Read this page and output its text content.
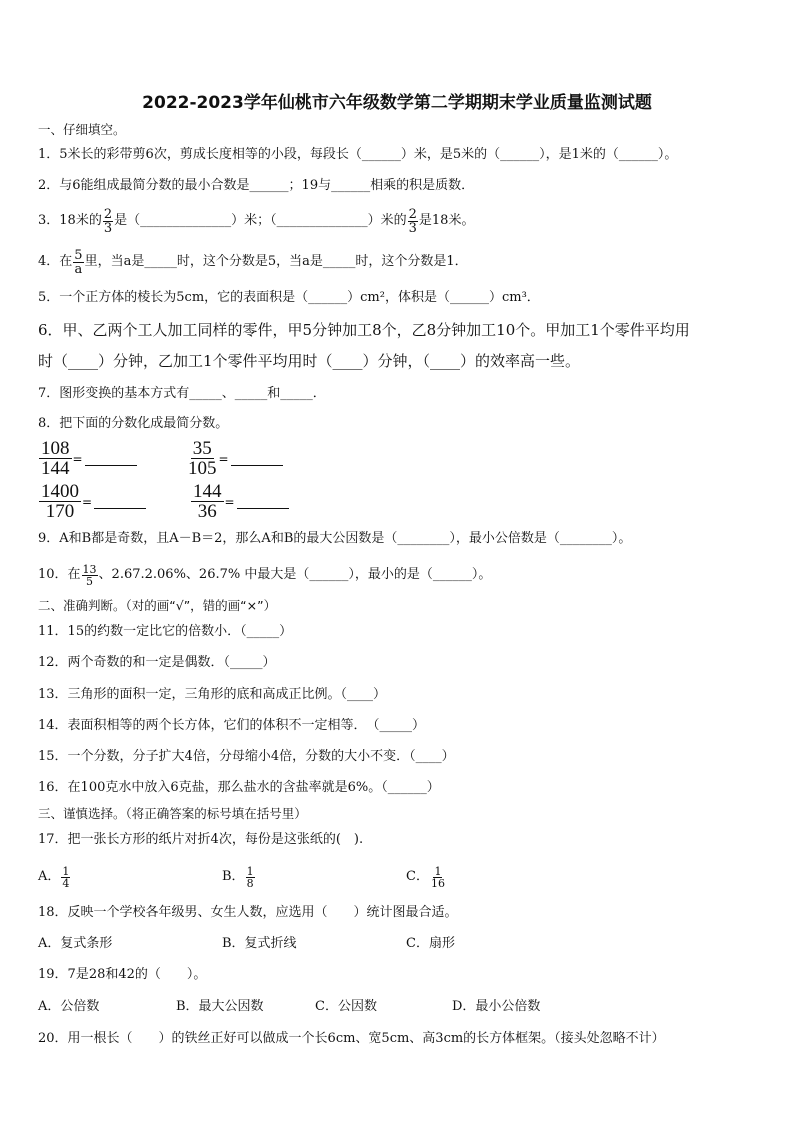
2022-2023学年仙桃市六年级数学第二学期期末学业质量监测试题
一、仔细填空。
1．5米长的彩带剪6次，剪成长度相等的小段，每段长（______）米，是5米的（______），是1米的（______）。
2．与6能组成最简分数的最小合数是______；19与______相乘的积是质数．
3．18米的 $\frac{2}{3}$ 是（______________）米；（______________）米的 $\frac{2}{3}$ 是18米。
4．在 $\frac{5}{a}$ 里，当a是_____时，这个分数是5，当a是_____时，这个分数是1．
5．一个正方体的棱长为5cm，它的表面积是（______）cm²，体积是（______）cm³．
6．甲、乙两个工人加工同样的零件，甲5分钟加工8个，乙8分钟加工10个。甲加工1个零件平均用
时（____）分钟，乙加工1个零件平均用时（____）分钟，（____）的效率高一些。
7．图形变换的基本方式有_____、_____和_____．
8．把下面的分数化成最简分数。
$\frac{108}{144}$ =	$\frac{35}{105}$ =
$\frac{1400}{170}$ =	$\frac{144}{36}$ =
9．A和B都是奇数，且A－B＝2，那么A和B的最大公因数是（________），最小公倍数是（________）。
10．在 $\frac{13}{5}$ 、2.67.2.06%、26.7% 中最大是（______），最小的是（______）。
二、准确判断。（对的画“√”，错的画“×”）
11．15的约数一定比它的倍数小．（_____）
12．两个奇数的和一定是偶数．（_____）
13．三角形的面积一定，三角形的底和高成正比例。（____）
14．表面积相等的两个长方体，它们的体积不一定相等．　（_____）
15．一个分数，分子扩大4倍，分母缩小4倍，分数的大小不变．（____）
16．在100克水中放入6克盐，那么盐水的含盐率就是6%。（______）
三、谨慎选择。（将正确答案的标号填在括号里）
17．把一张长方形的纸片对折4次，每份是这张纸的(　).
A． $\frac{1}{4}$	B． $\frac{1}{8}$	C． $\frac{1}{16}$
18．反映一个学校各年级男、女生人数，应选用（　　）统计图最合适。
A．复式条形	B．复式折线	C．扇形
19．7是28和42的（　　）。
A．公倍数	B．最大公因数	C．公因数	D．最小公倍数
20．用一根长（　　）的铁丝正好可以做成一个长6cm、宽5cm、高3cm的长方体框架。（接头处忽略不计）
